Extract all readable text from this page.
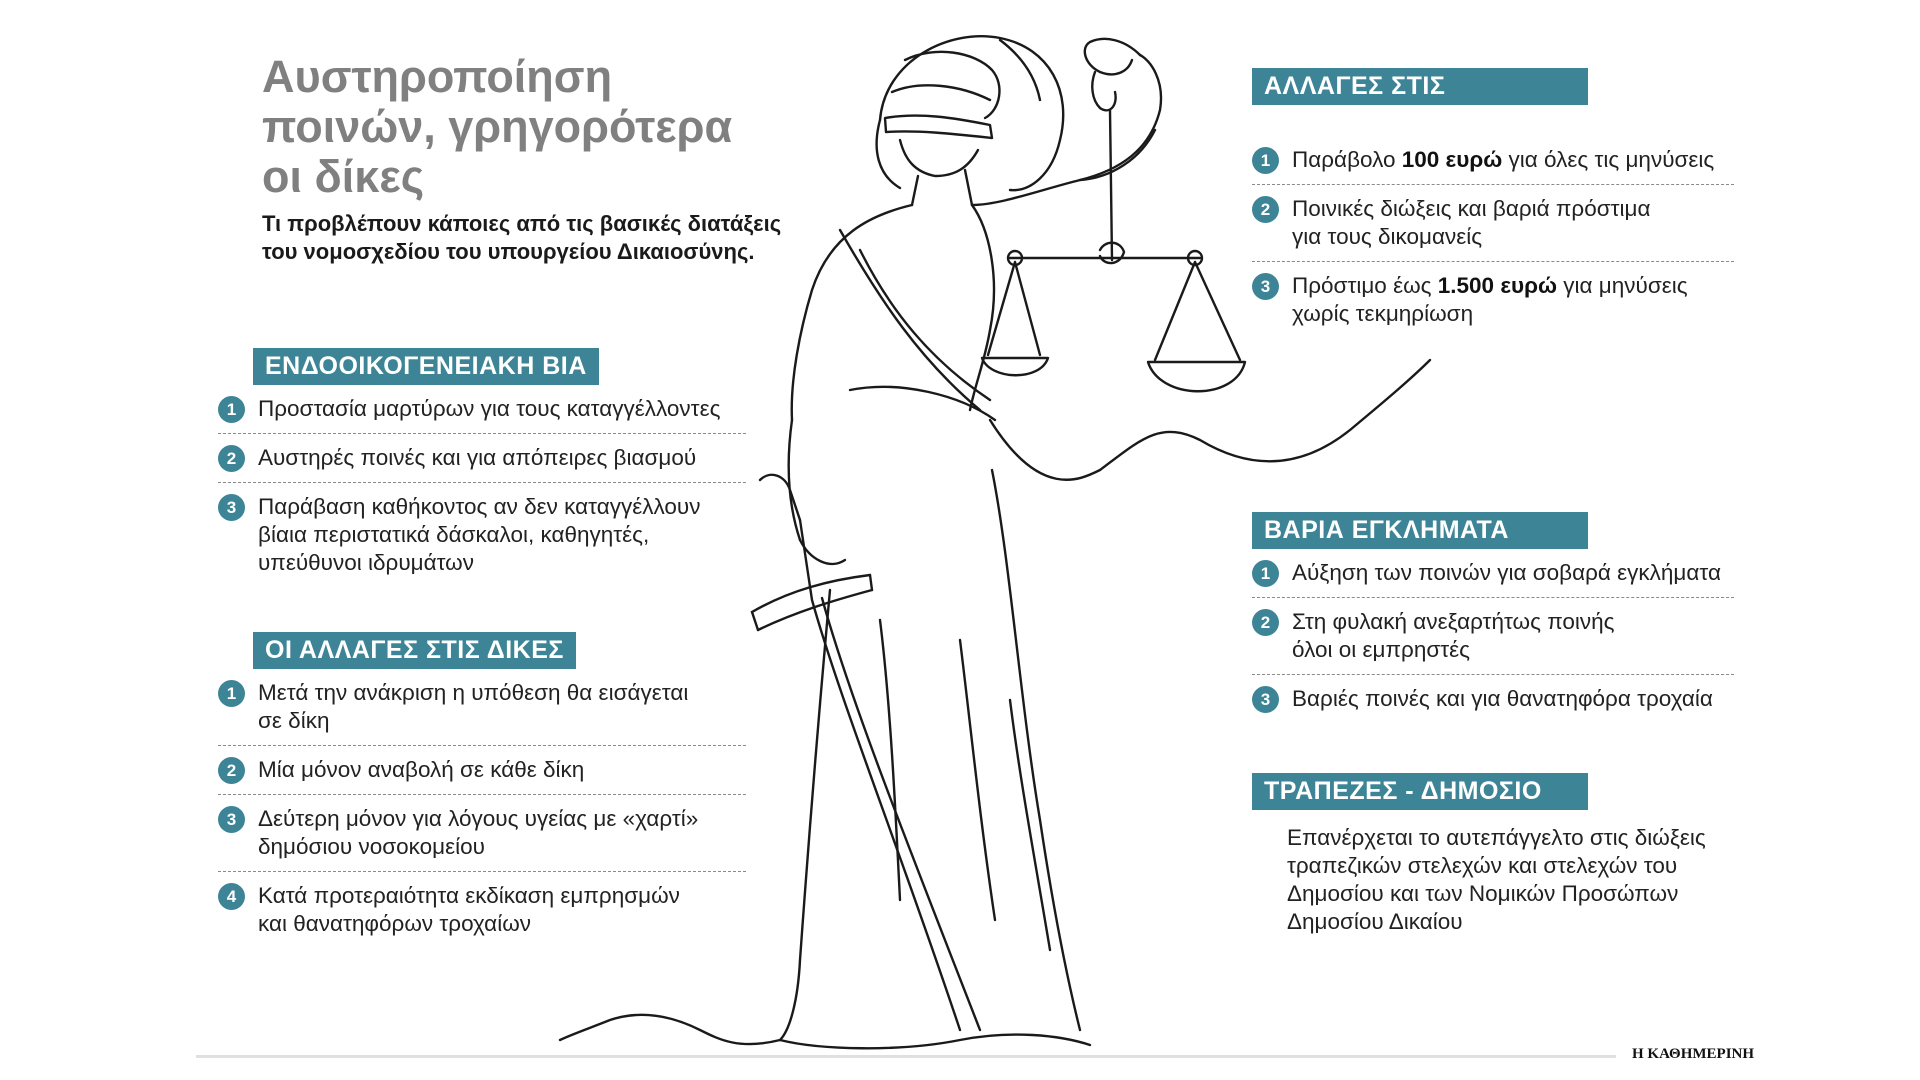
Αυστηροποίηση
ποινών, γρηγορότερα
οι δίκες

Τι προβλέπουν κάποιες από τις βασικές διατάξεις του νομοσχεδίου του υπουργείου Δικαιοσύνης.

ΕΝΔΟΟΙΚΟΓΕΝΕΙΑΚΗ ΒΙΑ
1 Προστασία μαρτύρων για τους καταγγέλλοντες
2 Αυστηρές ποινές και για απόπειρες βιασμού
3 Παράβαση καθήκοντος αν δεν καταγγέλλουν
βίαια περιστατικά δάσκαλοι, καθηγητές,
υπεύθυνοι ιδρυμάτων
ΟΙ ΑΛΛΑΓΕΣ ΣΤΙΣ ΔΙΚΕΣ
1 Μετά την ανάκριση η υπόθεση θα εισάγεται
σε δίκη
2 Μία μόνον αναβολή σε κάθε δίκη
3 Δεύτερη μόνον για λόγους υγείας με «χαρτί»
δημόσιου νοσοκομείου
4 Κατά προτεραιότητα εκδίκαση εμπρησμών
και θανατηφόρων τροχαίων
ΑΛΛΑΓΕΣ ΣΤΙΣ ΜΗΝΥΣΕΙΣ
1 Παράβολο 100 ευρώ για όλες τις μηνύσεις
2 Ποινικές διώξεις και βαριά πρόστιμα
για τους δικομανείς
3 Πρόστιμο έως 1.500 ευρώ για μηνύσεις
χωρίς τεκμηρίωση
ΒΑΡΙΑ ΕΓΚΛΗΜΑΤΑ
1 Αύξηση των ποινών για σοβαρά εγκλήματα
2 Στη φυλακή ανεξαρτήτως ποινής
όλοι οι εμπρηστές
3 Βαριές ποινές και για θανατηφόρα τροχαία
ΤΡΑΠΕΖΕΣ - ΔΗΜΟΣΙΟ
Επανέρχεται το αυτεπάγγελτο στις διώξεις
τραπεζικών στελεχών και στελεχών του
Δημοσίου και των Νομικών Προσώπων
Δημοσίου Δικαίου
Η ΚΑΘΗΜΕΡΙΝΗ
